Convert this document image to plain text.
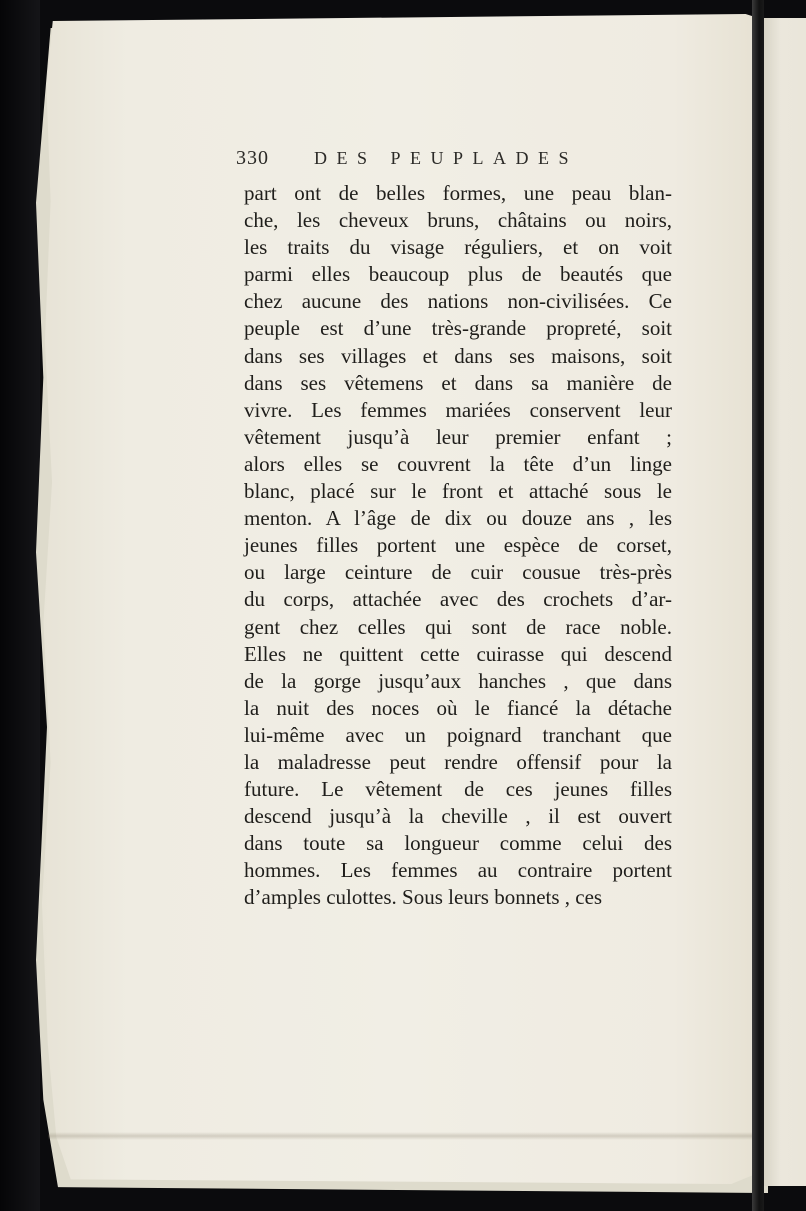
330	DES PEUPLADES
part ont de belles formes, une peau blan-
che, les cheveux bruns, châtains ou noirs,
les traits du visage réguliers, et on voit
parmi elles beaucoup plus de beautés que
chez aucune des nations non-civilisées. Ce
peuple est d’une très-grande propreté, soit
dans ses villages et dans ses maisons, soit
dans ses vêtemens et dans sa manière de
vivre. Les femmes mariées conservent leur
vêtement jusqu’à leur premier enfant ;
alors elles se couvrent la tête d’un linge
blanc, placé sur le front et attaché sous le
menton. A l’âge de dix ou douze ans , les
jeunes filles portent une espèce de corset,
ou large ceinture de cuir cousue très-près
du corps, attachée avec des crochets d’ar-
gent chez celles qui sont de race noble.
Elles ne quittent cette cuirasse qui descend
de la gorge jusqu’aux hanches , que dans
la nuit des noces où le fiancé la détache
lui-même avec un poignard tranchant que
la maladresse peut rendre offensif pour la
future. Le vêtement de ces jeunes filles
descend jusqu’à la cheville , il est ouvert
dans toute sa longueur comme celui des
hommes. Les femmes au contraire portent
d’amples culottes. Sous leurs bonnets , ces
